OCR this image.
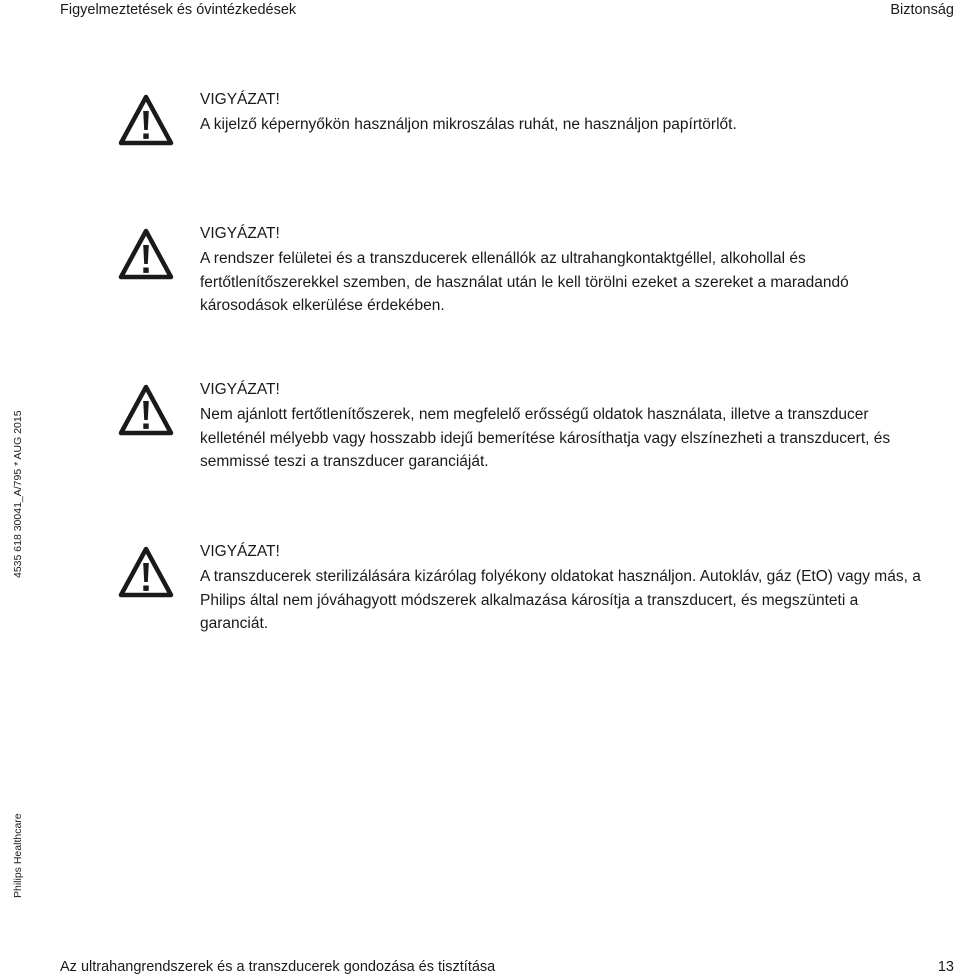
Figyelmeztetések és óvintézkedések	Biztonság
4535 618 30041_A/795 * AUG 2015
Philips Healthcare

VIGYÁZAT!

A kijelző képernyőkön használjon mikroszálas ruhát, ne használjon papírtörlőt.

VIGYÁZAT!

A rendszer felületei és a transzducerek ellenállók az ultrahangkontaktgéllel, alkohollal és fertőtlenítőszerekkel szemben, de használat után le kell törölni ezeket a szereket a maradandó károsodások elkerülése érdekében.

VIGYÁZAT!

Nem ajánlott fertőtlenítőszerek, nem megfelelő erősségű oldatok használata, illetve a transzducer kelleténél mélyebb vagy hosszabb idejű bemerítése károsíthatja vagy elszínezheti a transzducert, és semmissé teszi a transzducer garanciáját.

VIGYÁZAT!

A transzducerek sterilizálására kizárólag folyékony oldatokat használjon. Autokláv, gáz (EtO) vagy más, a Philips által nem jóváhagyott módszerek alkalmazása károsítja a transzducert, és megszünteti a garanciát.

Az ultrahangrendszerek és a transzducerek gondozása és tisztítása	13
